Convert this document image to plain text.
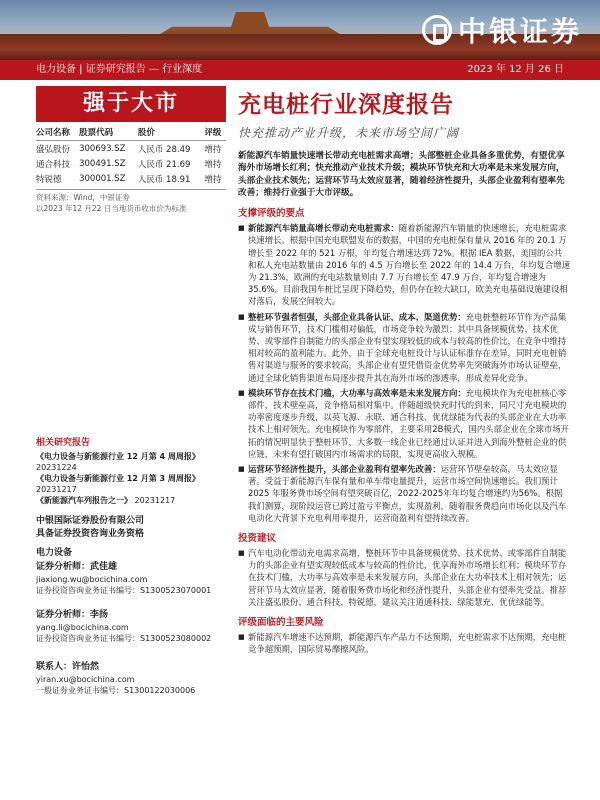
中银证券
电力设备 | 证券研究报告 — 行业深度	2023 年 12 月 26 日
强于大市
公司名称	股票代码	股价	评级
盛弘股份	300693.SZ	人民币 28.49	增持
通合科技	300491.SZ	人民币 21.69	增持
特锐德	300001.SZ	人民币 18.91	增持
资料来源：Wind，中银证券
以2023 年12 月22 日当地货币收市价为标准
相关研究报告
《电力设备与新能源行业 12 月第 4 周周报》
20231224
《电力设备与新能源行业 12 月第 3 周周报》
20231217
《新能源汽车列报告之一》 20231217
中银国际证券股份有限公司
具备证券投资咨询业务资格
电力设备
证券分析师：武佳雄
jiaxiong.wu@bocichina.com
证券投资咨询业务证书编号：S1300523070001
证券分析师：李扬
yang.li@bocichina.com
证券投资咨询业务证书编号：S1300523080002
联系人：许怡然
yiran.xu@bocichina.com
一般证券业务证书编号：S1300122030006
充电桩行业深度报告
快充推动产业升级，未来市场空间广阔
新能源汽车销量快速增长带动充电桩需求高增；头部整桩企业具备多重优势，有望优享海外市场增长红利；快充推动产业技术升级；模块环节快充和大功率是未来发展方向，头部企业技术领先；运营环节马太效应显著，随着经济性提升，头部企业盈利有望率先改善；维持行业强于大市评级。
支撑评级的要点
■ 新能源汽车销量高增长带动充电桩需求：随着新能源汽车销量的快速增长，充电桩需求快速增长。根据中国充电联盟发布的数据，中国的充电桩保有量从 2016 年的 20.1 万增长至 2022 年的 521 万根，年均复合增速达到 72%。根据 IEA 数据，美国的公共和私人充电站数量由 2016 年的 4.5 万台增长至 2022 年的 14.4 万台，年均复合增速为 21.3%，欧洲的充电站数量则由 7.7 万台增长至 47.9 万台，年均复合增速为 35.6%。目前我国车桩比呈现下降趋势，但仍存在较大缺口，欧美充电基础设施建设相对落后，发展空间较大。
■ 整桩环节强者恒强，头部企业具备认证、成本、渠道优势：充电桩整桩环节作为产品集成与销售环节，技术门槛相对偏低，市场竞争较为激烈；其中具备规模优势、技术优势、或零部件自制能力的头部企业有望实现较低的成本与较高的性价比，在竞争中维持相对较高的盈利能力。此外，由于全球充电桩设计与认证标准存在差异，同时充电桩销售对渠道与服务的要求较高，头部企业有望凭借资金优势率先突破海外市场认证壁垒，通过全球化销售渠道布局逐步提升其在海外市场的渗透率，形成差异化竞争。
■ 模块环节存在技术门槛，大功率与高效率是未来发展方向：充电模块作为充电桩核心零部件，技术壁垒高，竞争格局相对集中。伴随超级快充时代的到来，同尺寸充电模块的功率密度逐步升级，以英飞源、永联、通合科技、优优绿能为代表的头部企业在大功率技术上相对领先。充电模块作为零部件，主要采用2B模式，国内头部企业在全球市场开拓的情况明显快于整桩环节，大多数一线企业已经通过认证并进入到海外整桩企业的供应链，未来有望打破国内市场需求的局限，实现更高收入规模。
■ 运营环节经济性提升，头部企业盈利有望率先改善：运营环节壁垒较高，马太效应显著。受益于新能源汽车保有量和单车带电量提升，运营市场空间快速增长。我们预计 2025 年服务费市场空间有望突破百亿，2022-2025年年均复合增速约为56%。根据我们测算，现阶段运营已跨过盈亏平衡点，实现盈利，随着服务费趋向市场化以及汽车电动化大背景下充电利用率提升，运营商盈利有望持续改善。
投资建议
■ 汽车电动化带动充电需求高增，整桩环节中具备规模优势、技术优势、或零部件自制能力的头部企业有望实现较低成本与较高的性价比，优享海外市场增长红利；模块环节存在技术门槛，大功率与高效率是未来发展方向，头部企业在大功率技术上相对领先；运营环节马太效应显著，随着服务费市场化和经济性提升，头部企业有望率先受益。推荐关注盛弘股份、通合科技、特锐德，建议关注道通科技、绿能慧充、优优绿能等。
评级面临的主要风险
■ 新能源汽车增速不达预期，新能源汽车产品力不达预期，充电桩需求不达预期，充电桩竞争超预期，国际贸易摩擦风险。
